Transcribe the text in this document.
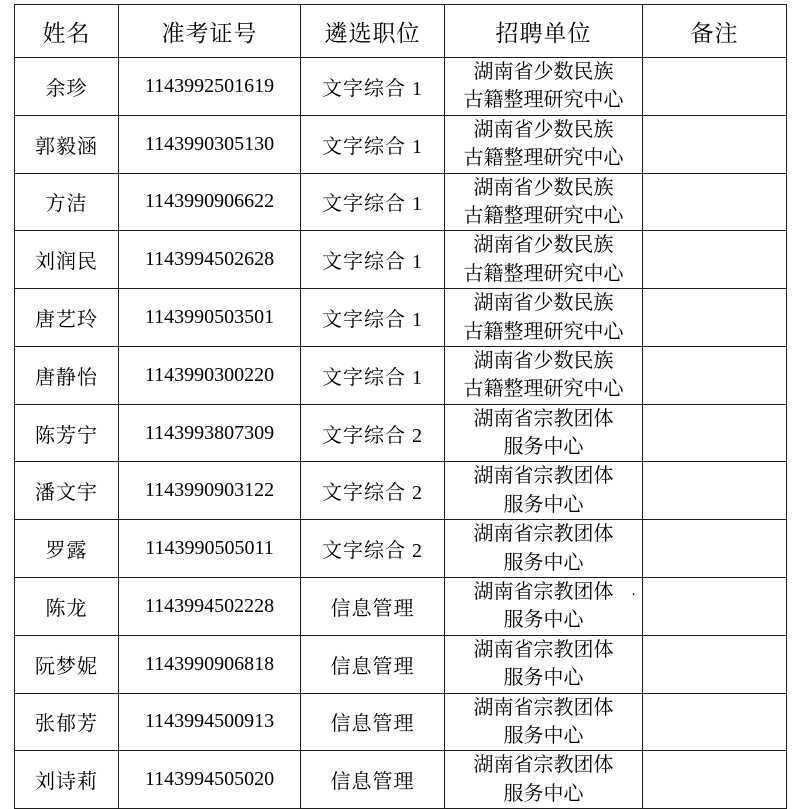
姓名	准考证号	遴选职位	招聘单位	备注
余珍	1143992501619	文字综合 1	湖南省少数民族
古籍整理研究中心	

郭毅涵	1143990305130	文字综合 1	湖南省少数民族
古籍整理研究中心	

方洁	1143990906622	文字综合 1	湖南省少数民族
古籍整理研究中心	

刘润民	1143994502628	文字综合 1	湖南省少数民族
古籍整理研究中心	

唐艺玲	1143990503501	文字综合 1	湖南省少数民族
古籍整理研究中心	

唐静怡	1143990300220	文字综合 1	湖南省少数民族
古籍整理研究中心	

陈芳宁	1143993807309	文字综合 2	湖南省宗教团体
服务中心	

潘文宇	1143990903122	文字综合 2	湖南省宗教团体
服务中心	

罗露	1143990505011	文字综合 2	湖南省宗教团体
服务中心	

陈龙	1143994502228	信息管理	湖南省宗教团体
服务中心
·	

阮梦妮	1143990906818	信息管理	湖南省宗教团体
服务中心	

张郁芳	1143994500913	信息管理	湖南省宗教团体
服务中心	

刘诗莉	1143994505020	信息管理	湖南省宗教团体
服务中心	
